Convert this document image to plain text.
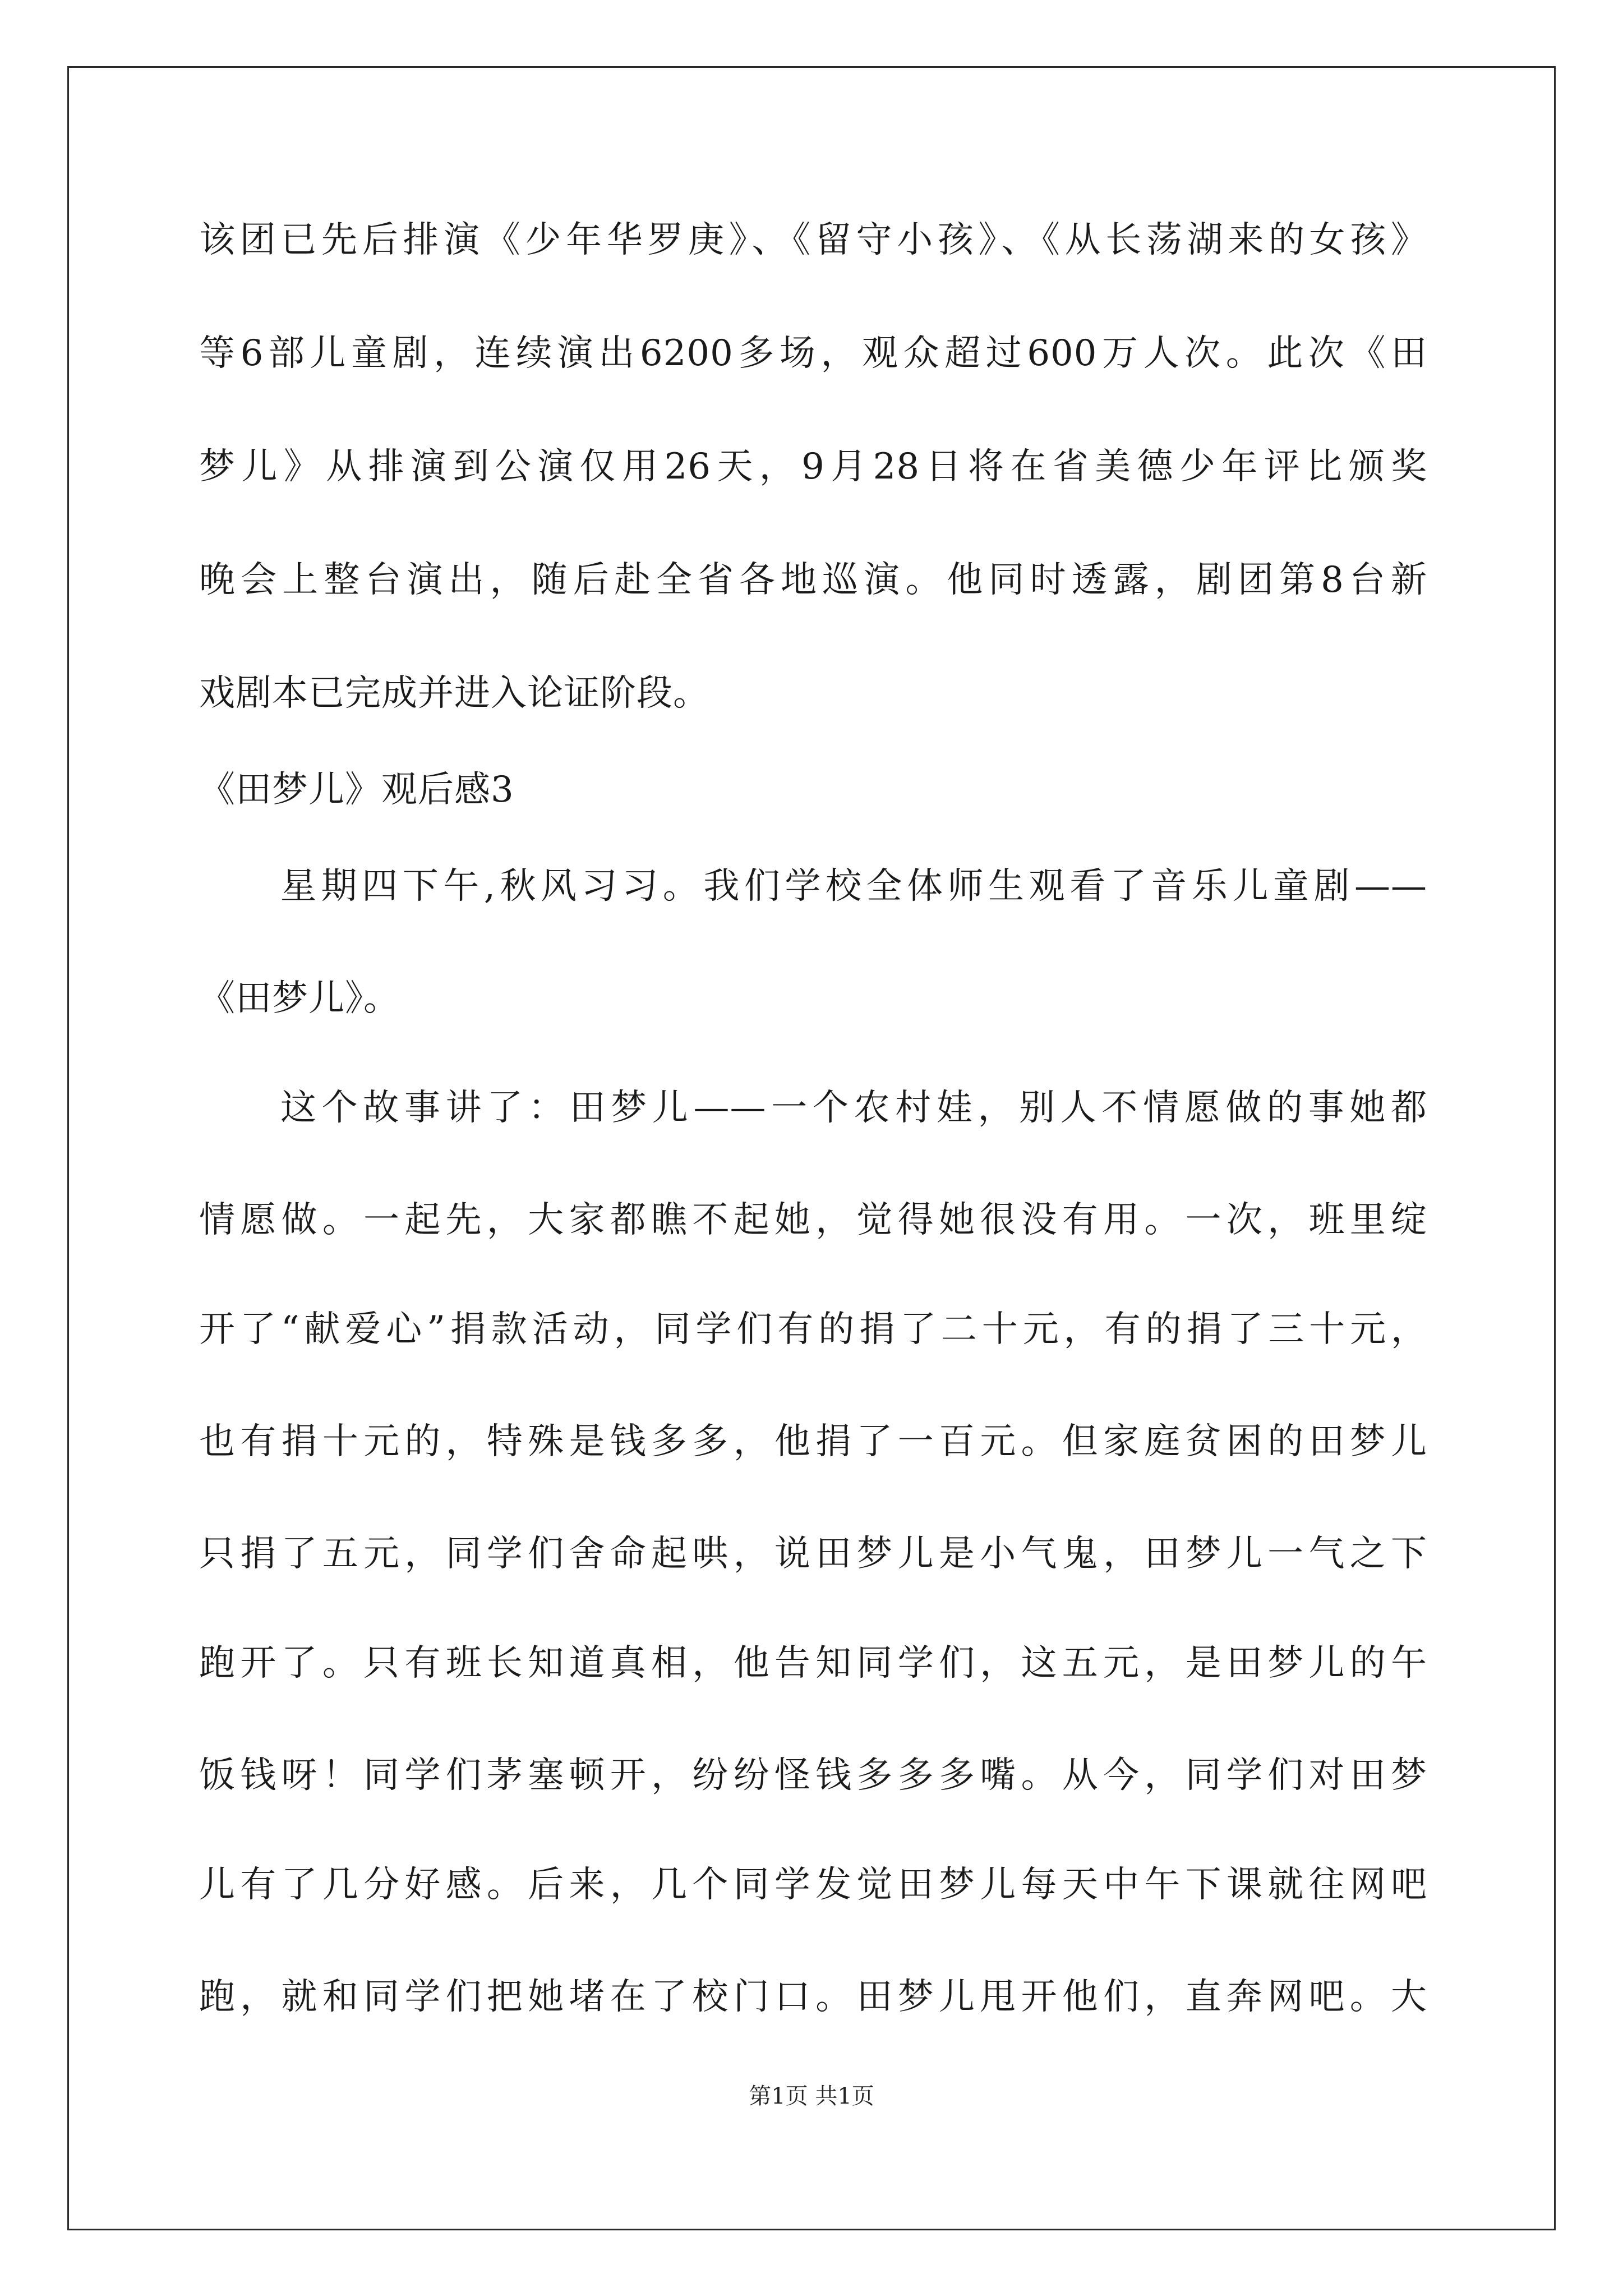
该团已先后排演《少年华罗庚》、《留守小孩》、《从长荡湖来的女孩》
等6部儿童剧，连续演出6200多场，观众超过600万人次。此次《田
梦儿》从排演到公演仅用26天，9月28日将在省美德少年评比颁奖
晚会上整台演出，随后赴全省各地巡演。他同时透露，剧团第8台新
戏剧本已完成并进入论证阶段。
《田梦儿》观后感3
星期四下午,秋风习习。我们学校全体师生观看了音乐儿童剧——
《田梦儿》。
这个故事讲了：田梦儿——一个农村娃，别人不情愿做的事她都
情愿做。一起先，大家都瞧不起她，觉得她很没有用。一次，班里绽
开了“献爱心”捐款活动，同学们有的捐了二十元，有的捐了三十元，
也有捐十元的，特殊是钱多多，他捐了一百元。但家庭贫困的田梦儿
只捐了五元，同学们舍命起哄，说田梦儿是小气鬼，田梦儿一气之下
跑开了。只有班长知道真相，他告知同学们，这五元，是田梦儿的午
饭钱呀！同学们茅塞顿开，纷纷怪钱多多多嘴。从今，同学们对田梦
儿有了几分好感。后来，几个同学发觉田梦儿每天中午下课就往网吧
跑，就和同学们把她堵在了校门口。田梦儿甩开他们，直奔网吧。大
第1页 共1页
